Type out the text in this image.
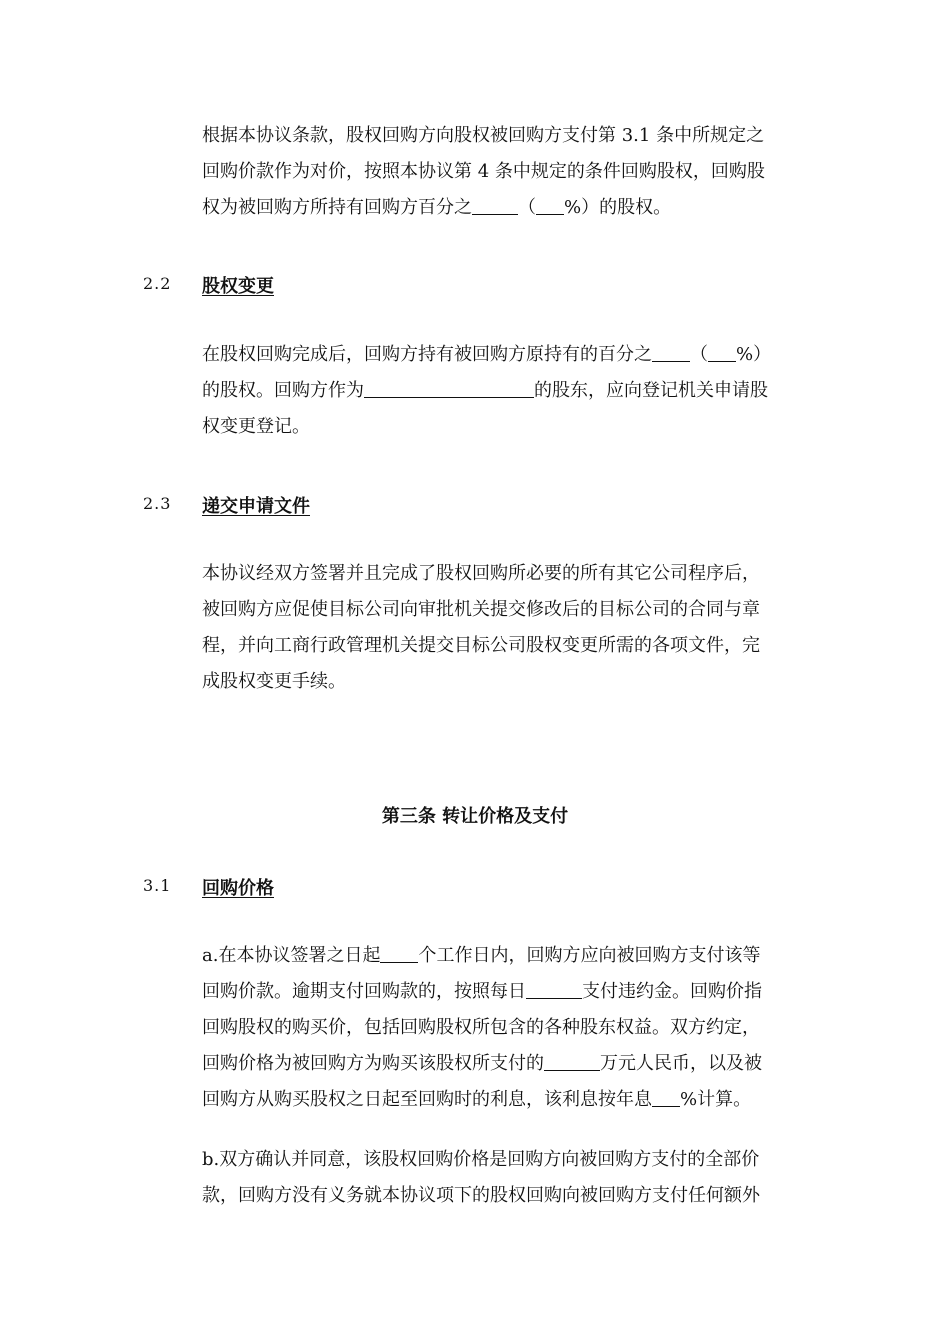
根据本协议条款，股权回购方向股权被回购方支付第 3.1 条中所规定之
回购价款作为对价，按照本协议第 4 条中规定的条件回购股权，回购股
权为被回购方所持有回购方百分之	（ %）的股权。
2.2 股权变更
在股权回购完成后，回购方持有被回购方原持有的百分之 （ %）
的股权。回购方作为	的股东，应向登记机关申请股
权变更登记。
2.3 递交申请文件
本协议经双方签署并且完成了股权回购所必要的所有其它公司程序后，
被回购方应促使目标公司向审批机关提交修改后的目标公司的合同与章
程，并向工商行政管理机关提交目标公司股权变更所需的各项文件，完
成股权变更手续。
第三条 转让价格及支付
3.1 回购价格
a.在本协议签署之日起 个工作日内，回购方应向被回购方支付该等
回购价款。逾期支付回购款的，按照每日	支付违约金。回购价指
回购股权的购买价，包括回购股权所包含的各种股东权益。双方约定，
回购价格为被回购方为购买该股权所支付的	万元人民币，以及被
回购方从购买股权之日起至回购时的利息，该利息按年息 %计算。
b.双方确认并同意，该股权回购价格是回购方向被回购方支付的全部价
款，回购方没有义务就本协议项下的股权回购向被回购方支付任何额外
